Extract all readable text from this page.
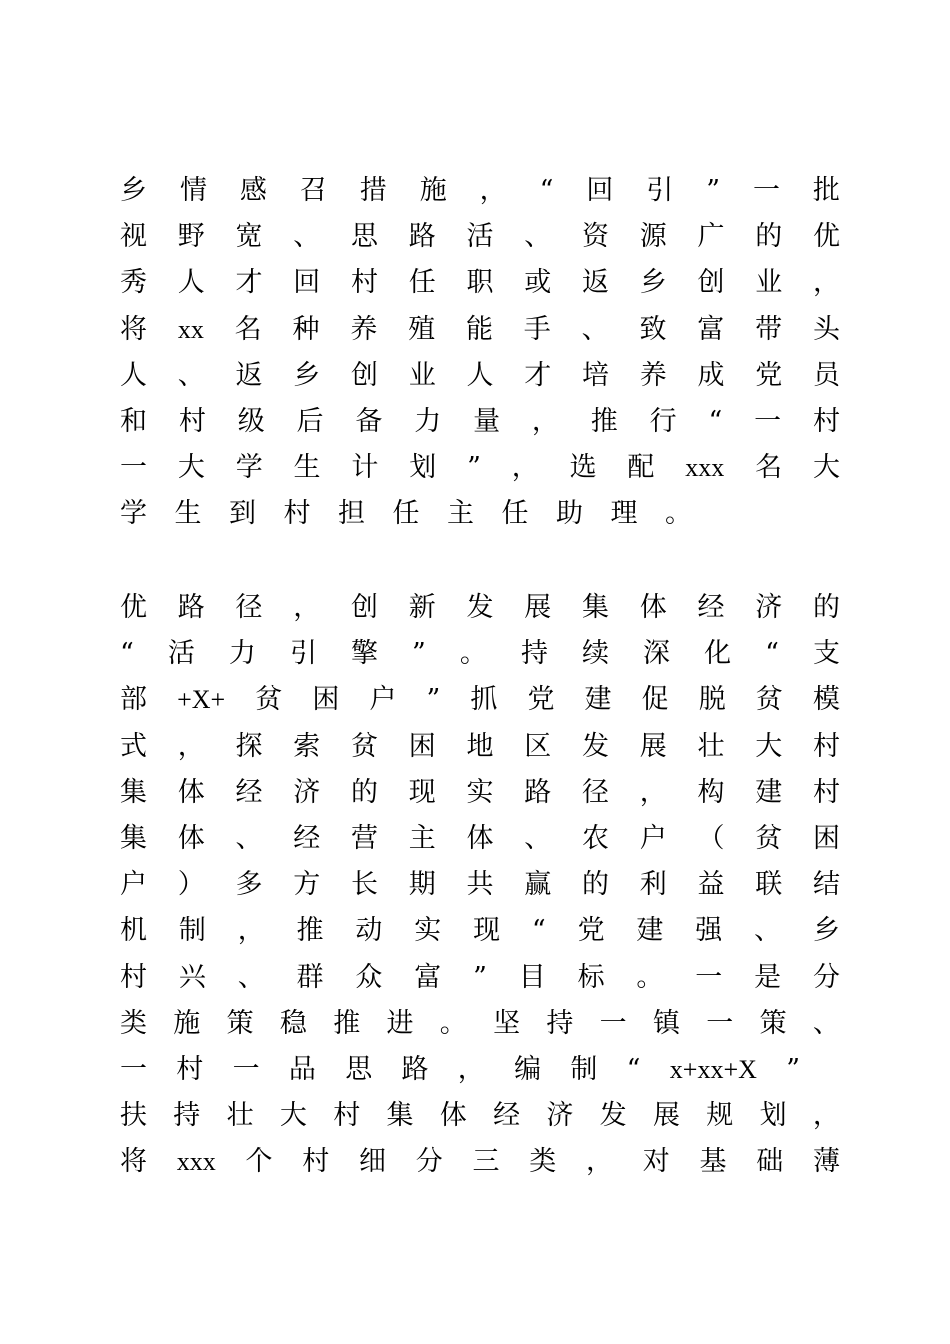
乡 情 感 召 措 施 ， “ 回 引 ” 一 批
视 野 宽 、 思 路 活 、 资 源 广 的 优
秀 人 才 回 村 任 职 或 返 乡 创 业 ，
将 xx 名 种 养 殖 能 手 、 致 富 带 头
人 、 返 乡 创 业 人 才 培 养 成 党 员
和 村 级 后 备 力 量 ， 推 行 “ 一 村
一 大 学 生 计 划 ” ， 选 配 xxx 名 大
学 生 到 村 担 任 主 任 助 理 。
优 路 径 ， 创 新 发 展 集 体 经 济 的
“ 活 力 引 擎 ” 。 持 续 深 化 “ 支
部 +X+ 贫 困 户 ” 抓 党 建 促 脱 贫 模
式 ， 探 索 贫 困 地 区 发 展 壮 大 村
集 体 经 济 的 现 实 路 径 ， 构 建 村
集 体 、 经 营 主 体 、 农 户 （ 贫 困
户 ） 多 方 长 期 共 赢 的 利 益 联 结
机 制 ， 推 动 实 现 “ 党 建 强 、 乡
村 兴 、 群 众 富 ” 目 标 。 一 是 分
类 施 策 稳 推 进 。 坚 持 一 镇 一 策 、
一 村 一 品 思 路 ， 编 制 “ x+xx+X ”
扶 持 壮 大 村 集 体 经 济 发 展 规 划 ，
将 xxx 个 村 细 分 三 类 ， 对 基 础 薄
